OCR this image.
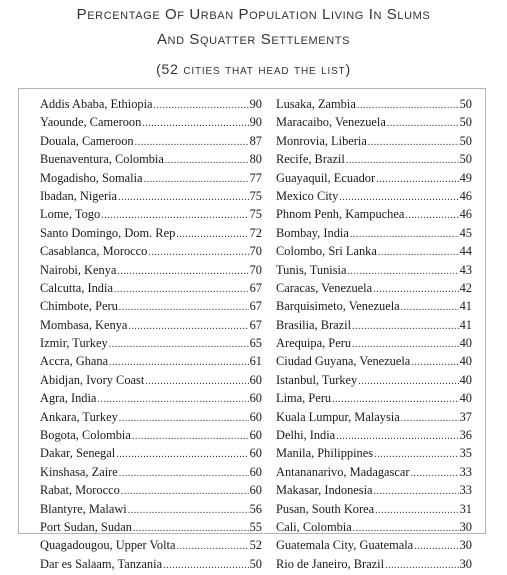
Percentage Of Urban Population Living In Slums
And Squatter Settlements
(52 cities that head the list)
Addis Ababa, Ethiopia .....	90
Yaounde, Cameroon .....	90
Douala, Cameroon .....	87
Buenaventura, Colombia .....	80
Mogadisho, Somalia .....	77
Ibadan, Nigeria .....	75
Lome, Togo .....	75
Santo Domingo, Dom. Rep .....	72
Casablanca, Morocco .....	70
Nairobi, Kenya .....	70
Calcutta, India .....	67
Chimbote, Peru .....	67
Mombasa, Kenya .....	67
Izmir, Turkey .....	65
Accra, Ghana .....	61
Abidjan, Ivory Coast .....	60
Agra, India .....	60
Ankara, Turkey .....	60
Bogota, Colombia .....	60
Dakar, Senegal .....	60
Kinshasa, Zaire .....	60
Rabat, Morocco .....	60
Blantyre, Malawi .....	56
Port Sudan, Sudan .....	55
Quagadougou, Upper Volta .....	52
Dar es Salaam, Tanzania .....	50
Lusaka, Zambia .....	50
Maracaibo, Venezuela .....	50
Monrovia, Liberia .....	50
Recife, Brazil .....	50
Guayaquil, Ecuador .....	49
Mexico City .....	46
Phnom Penh, Kampuchea .....	46
Bombay, India .....	45
Colombo, Sri Lanka .....	44
Tunis, Tunisia .....	43
Caracas, Venezuela .....	42
Barquisimeto, Venezuela .....	41
Brasilia, Brazil .....	41
Arequipa, Peru .....	40
Ciudad Guyana, Venezuela .....	40
Istanbul, Turkey .....	40
Lima, Peru .....	40
Kuala Lumpur, Malaysia .....	37
Delhi, India .....	36
Manila, Philippines .....	35
Antananarivo, Madagascar .....	33
Makasar, Indonesia .....	33
Pusan, South Korea .....	31
Cali, Colombia .....	30
Guatemala City, Guatemala .....	30
Rio de Janeiro, Brazil .....	30
